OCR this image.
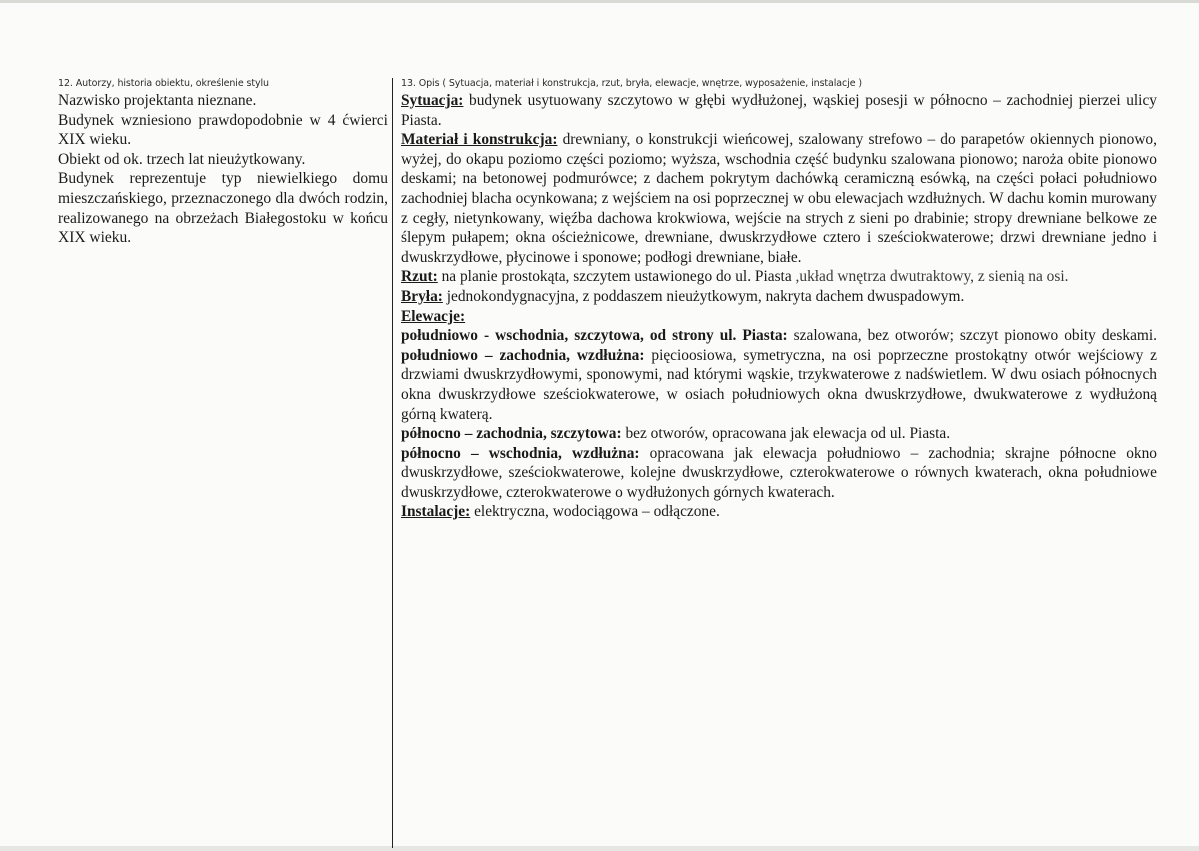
12. Autorzy, historia obiektu, określenie stylu

Nazwisko projektanta nieznane.

Budynek wzniesiono prawdopodobnie w 4 ćwierci XIX wieku.

Obiekt od ok. trzech lat nieużytkowany.

Budynek reprezentuje typ niewielkiego domu mieszczańskiego, przeznaczonego dla dwóch rodzin, realizowanego na obrzeżach Białegostoku w końcu XIX wieku.

13. Opis ( Sytuacja, materiał i konstrukcja, rzut, bryła, elewacje, wnętrze, wyposażenie, instalacje )

Sytuacja: budynek usytuowany szczytowo w głębi wydłużonej, wąskiej posesji w północno – zachodniej pierzei ulicy Piasta.

Materiał i konstrukcja: drewniany, o konstrukcji wieńcowej, szalowany strefowo – do parapetów okiennych pionowo, wyżej, do okapu poziomo części poziomo; wyższa, wschodnia część budynku szalowana pionowo; naroża obite pionowo deskami; na betonowej podmurówce; z dachem pokrytym dachówką ceramiczną esówką, na części połaci południowo zachodniej blacha ocynkowana; z wejściem na osi poprzecznej w obu elewacjach wzdłużnych. W dachu komin murowany z cegły, nietynkowany, więźba dachowa krokwiowa, wejście na strych z sieni po drabinie; stropy drewniane belkowe ze ślepym pułapem; okna ościeżnicowe, drewniane, dwuskrzydłowe cztero i sześciokwaterowe; drzwi drewniane jedno i dwuskrzydłowe, płycinowe i sponowe; podłogi drewniane, białe.

Rzut: na planie prostokąta, szczytem ustawionego do ul. Piasta ,układ wnętrza dwutraktowy, z sienią na osi.

Bryła: jednokondygnacyjna, z poddaszem nieużytkowym, nakryta dachem dwuspadowym.

Elewacje:

południowo - wschodnia, szczytowa, od strony ul. Piasta: szalowana, bez otworów; szczyt pionowo obity deskami. południowo – zachodnia, wzdłużna: pięcioosiowa, symetryczna, na osi poprzeczne prostokątny otwór wejściowy z drzwiami dwuskrzydłowymi, sponowymi, nad którymi wąskie, trzykwaterowe z nadświetlem. W dwu osiach północnych okna dwuskrzydłowe sześciokwaterowe, w osiach południowych okna dwuskrzydłowe, dwukwaterowe z wydłużoną górną kwaterą.

północno – zachodnia, szczytowa: bez otworów, opracowana jak elewacja od ul. Piasta.

północno – wschodnia, wzdłużna: opracowana jak elewacja południowo – zachodnia; skrajne północne okno dwuskrzydłowe, sześciokwaterowe, kolejne dwuskrzydłowe, czterokwaterowe o równych kwaterach, okna południowe dwuskrzydłowe, czterokwaterowe o wydłużonych górnych kwaterach.

Instalacje: elektryczna, wodociągowa – odłączone.
